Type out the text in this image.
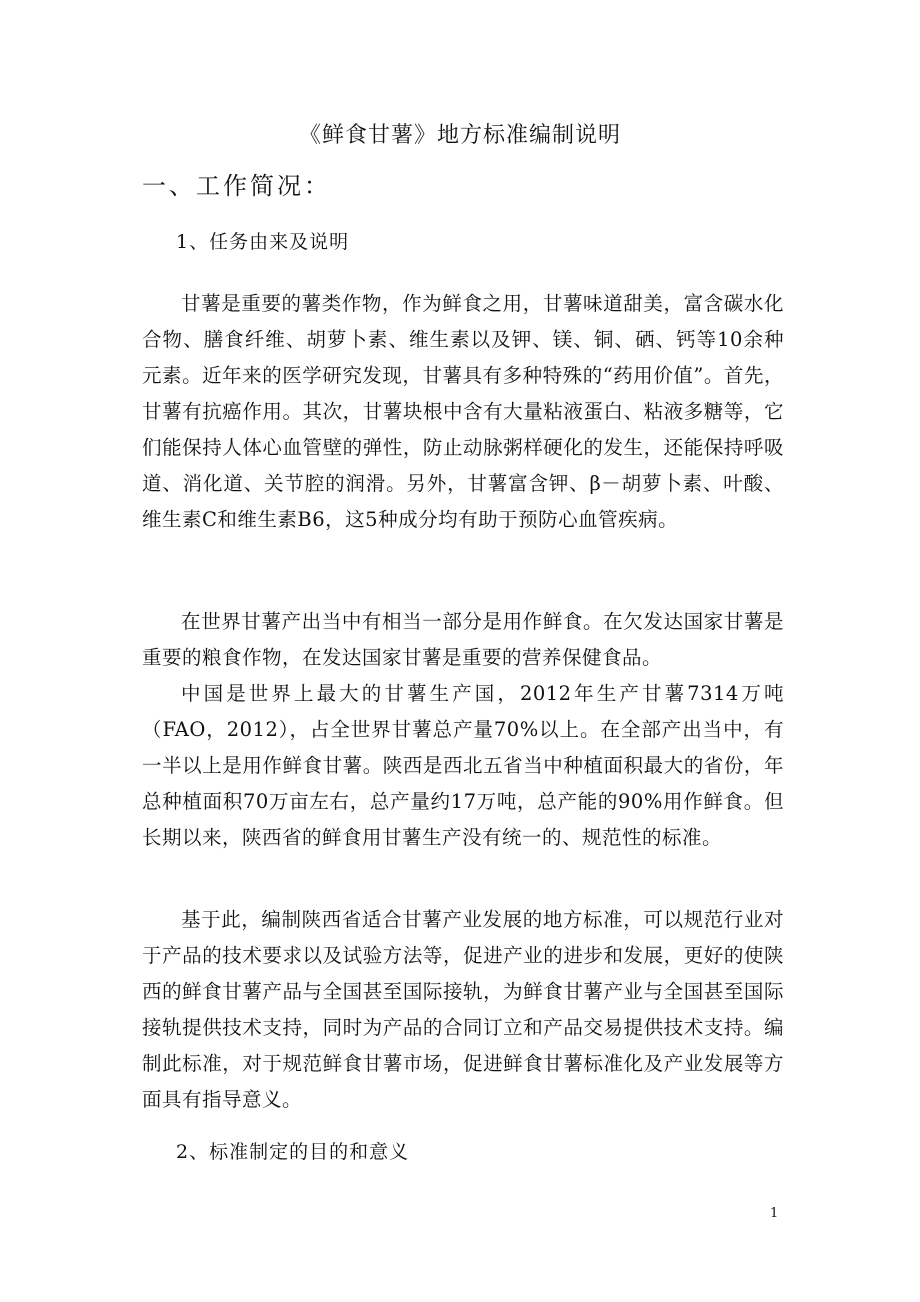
《鲜食甘薯》地方标准编制说明
一、工作简况：
1、任务由来及说明

甘薯是重要的薯类作物，作为鲜食之用，甘薯味道甜美，富含碳水化合物、膳食纤维、胡萝卜素、维生素以及钾、镁、铜、硒、钙等10余种元素。近年来的医学研究发现，甘薯具有多种特殊的“药用价值”。首先，甘薯有抗癌作用。其次，甘薯块根中含有大量粘液蛋白、粘液多糖等，它们能保持人体心血管壁的弹性，防止动脉粥样硬化的发生，还能保持呼吸道、消化道、关节腔的润滑。另外，甘薯富含钾、β－胡萝卜素、叶酸、维生素C和维生素B6，这5种成分均有助于预防心血管疾病。

在世界甘薯产出当中有相当一部分是用作鲜食。在欠发达国家甘薯是重要的粮食作物，在发达国家甘薯是重要的营养保健食品。

中国是世界上最大的甘薯生产国，2012年生产甘薯7314万吨（FAO，2012），占全世界甘薯总产量70%以上。在全部产出当中，有一半以上是用作鲜食甘薯。陕西是西北五省当中种植面积最大的省份，年总种植面积70万亩左右，总产量约17万吨，总产能的90%用作鲜食。但长期以来，陕西省的鲜食用甘薯生产没有统一的、规范性的标准。

基于此，编制陕西省适合甘薯产业发展的地方标准，可以规范行业对于产品的技术要求以及试验方法等，促进产业的进步和发展，更好的使陕西的鲜食甘薯产品与全国甚至国际接轨，为鲜食甘薯产业与全国甚至国际接轨提供技术支持，同时为产品的合同订立和产品交易提供技术支持。编制此标准，对于规范鲜食甘薯市场，促进鲜食甘薯标准化及产业发展等方面具有指导意义。

2、标准制定的目的和意义
1
